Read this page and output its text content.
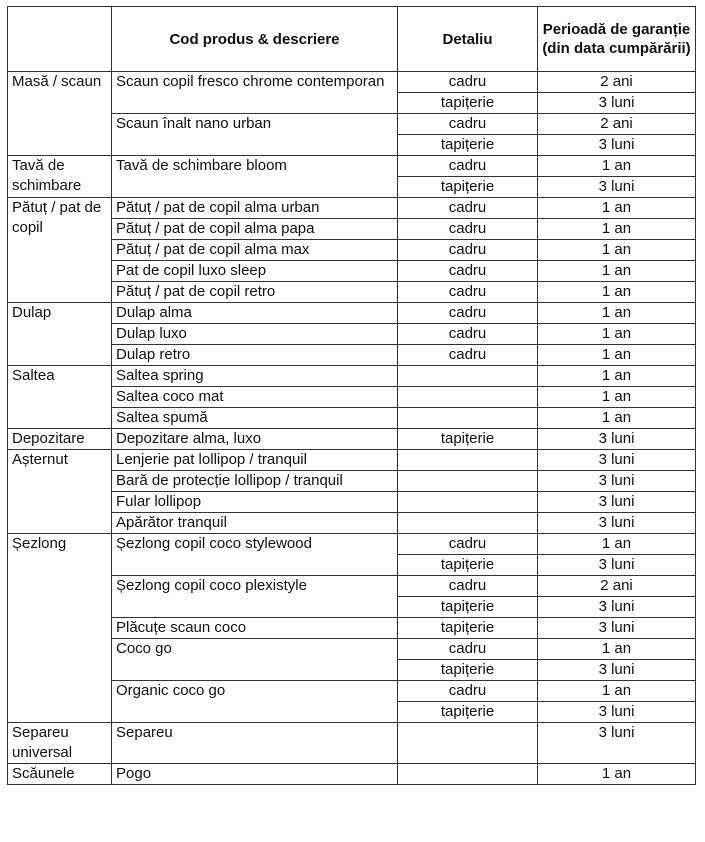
	Cod produs & descriere	Detaliu	Perioadă de garanție (din data cumpărării)
Masă / scaun	Scaun copil fresco chrome contemporan	cadru	2 ani
		tapițerie	3 luni
	Scaun înalt nano urban	cadru	2 ani
		tapițerie	3 luni
Tavă de schimbare	Tavă de schimbare bloom	cadru	1 an
		tapițerie	3 luni
Pătuț / pat de copil	Pătuț / pat de copil alma urban	cadru	1 an
	Pătuț / pat de copil alma papa	cadru	1 an
	Pătuț / pat de copil alma max	cadru	1 an
	Pat de copil luxo sleep	cadru	1 an
	Pătuț / pat de copil retro	cadru	1 an
Dulap	Dulap alma	cadru	1 an
	Dulap luxo	cadru	1 an
	Dulap retro	cadru	1 an
Saltea	Saltea spring		1 an
	Saltea coco mat		1 an
	Saltea spumă		1 an
Depozitare	Depozitare alma, luxo	tapițerie	3 luni
Așternut	Lenjerie pat lollipop / tranquil		3 luni
	Bară de protecție lollipop / tranquil		3 luni
	Fular lollipop		3 luni
	Apărător tranquil		3 luni
Șezlong	Șezlong copil coco stylewood	cadru	1 an
		tapițerie	3 luni
	Șezlong copil coco plexistyle	cadru	2 ani
		tapițerie	3 luni
	Plăcuțe scaun coco	tapițerie	3 luni
	Coco go	cadru	1 an
		tapițerie	3 luni
	Organic coco go	cadru	1 an
		tapițerie	3 luni
Separeu universal	Separeu		3 luni
Scăunele	Pogo		1 an
